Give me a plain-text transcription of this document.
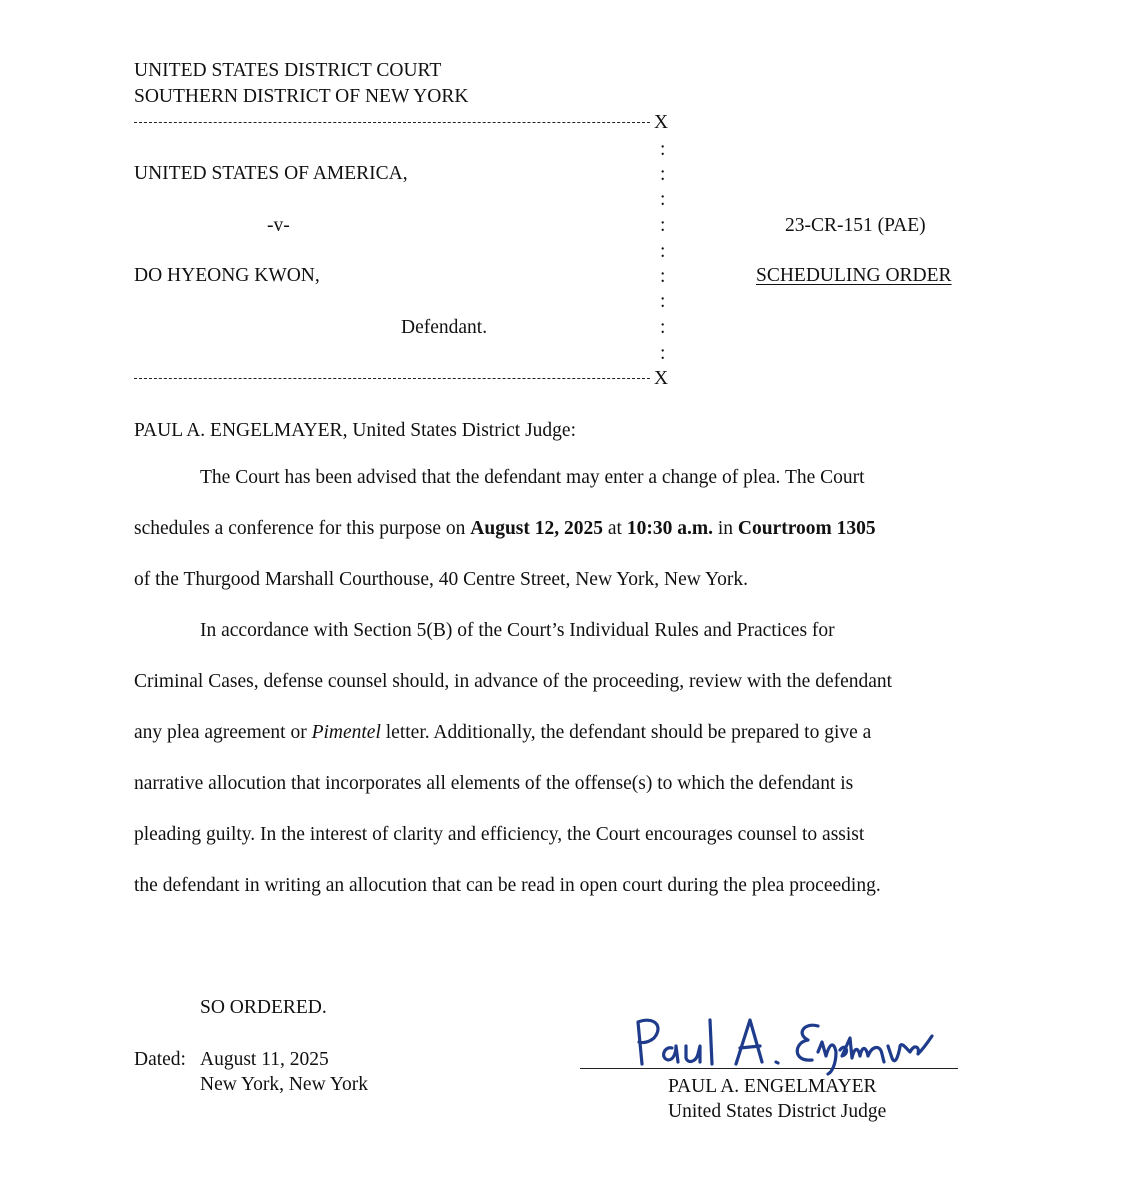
UNITED STATES DISTRICT COURT
SOUTHERN DISTRICT OF NEW YORK
X
:
:
:
:
:
:
:
:
:
UNITED STATES OF AMERICA,
-v-
DO HYEONG KWON,
Defendant.
23-CR-151 (PAE)
SCHEDULING ORDER
X
PAUL A. ENGELMAYER, United States District Judge:
The Court has been advised that the defendant may enter a change of plea. The Court
schedules a conference for this purpose on August 12, 2025 at 10:30 a.m. in Courtroom 1305
of the Thurgood Marshall Courthouse, 40 Centre Street, New York, New York.
In accordance with Section 5(B) of the Court’s Individual Rules and Practices for
Criminal Cases, defense counsel should, in advance of the proceeding, review with the defendant
any plea agreement or Pimentel letter. Additionally, the defendant should be prepared to give a
narrative allocution that incorporates all elements of the offense(s) to which the defendant is
pleading guilty. In the interest of clarity and efficiency, the Court encourages counsel to assist
the defendant in writing an allocution that can be read in open court during the plea proceeding.
SO ORDERED.
Dated: August 11, 2025
New York, New York	PAUL A. ENGELMAYER
United States District Judge
